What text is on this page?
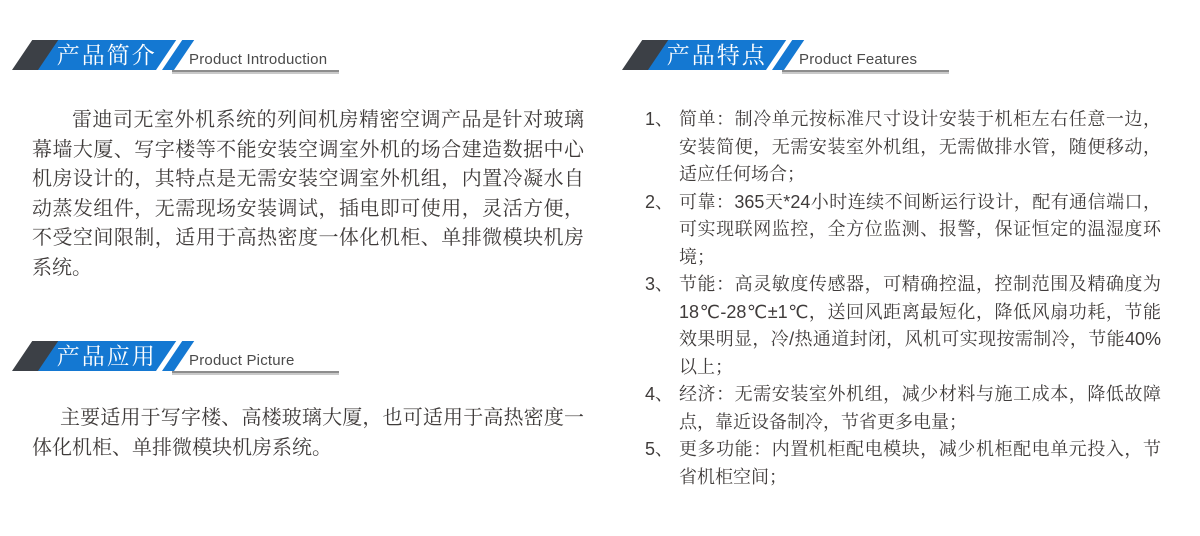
产品简介 Product Introduction
雷迪司无室外机系统的列间机房精密空调产品是针对玻璃幕墙大厦、写字楼等不能安装空调室外机的场合建造数据中心机房设计的，其特点是无需安装空调室外机组，内置冷凝水自动蒸发组件，无需现场安装调试，插电即可使用，灵活方便，不受空间限制，适用于高热密度一体化机柜、单排微模块机房系统。
产品应用 Product Picture
主要适用于写字楼、高楼玻璃大厦，也可适用于高热密度一体化机柜、单排微模块机房系统。
产品特点 Product Features
1、 简单：制冷单元按标准尺寸设计安装于机柜左右任意一边，安装简便，无需安装室外机组，无需做排水管，随便移动，适应任何场合；
2、 可靠：365天*24小时连续不间断运行设计，配有通信端口，可实现联网监控，全方位监测、报警，保证恒定的温湿度环境；
3、 节能：高灵敏度传感器，可精确控温，控制范围及精确度为18℃-28℃±1℃，送回风距离最短化，降低风扇功耗，节能效果明显，冷/热通道封闭，风机可实现按需制冷，节能40%以上；
4、 经济：无需安装室外机组，减少材料与施工成本，降低故障点，靠近设备制冷，节省更多电量；
5、 更多功能：内置机柜配电模块，减少机柜配电单元投入，节省机柜空间；
